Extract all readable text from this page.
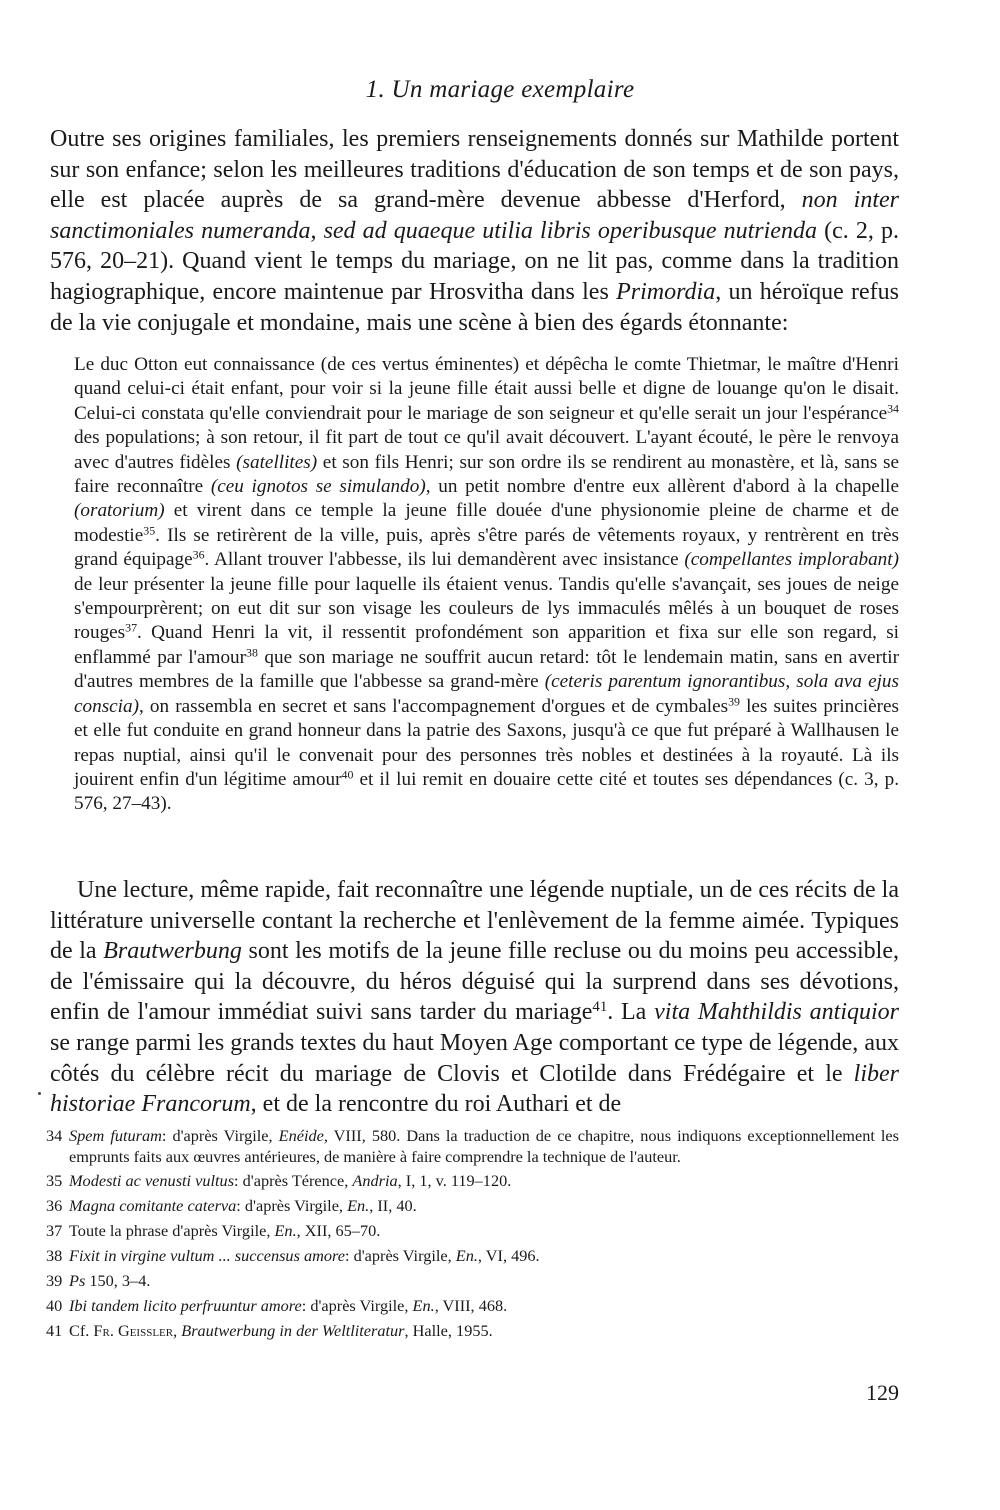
1. Un mariage exemplaire

Outre ses origines familiales, les premiers renseignements donnés sur Mathilde portent sur son enfance; selon les meilleures traditions d'éducation de son temps et de son pays, elle est placée auprès de sa grand-mère devenue abbesse d'Herford, non inter sanctimoniales numeranda, sed ad quaeque utilia libris operibusque nutrienda (c. 2, p. 576, 20–21). Quand vient le temps du mariage, on ne lit pas, comme dans la tradition hagiographique, encore maintenue par Hrosvitha dans les Primordia, un héroïque refus de la vie conjugale et mondaine, mais une scène à bien des égards étonnante:

Le duc Otton eut connaissance (de ces vertus éminentes) et dépêcha le comte Thietmar, le maître d'Henri quand celui-ci était enfant, pour voir si la jeune fille était aussi belle et digne de louange qu'on le disait. Celui-ci constata qu'elle conviendrait pour le mariage de son seigneur et qu'elle serait un jour l'espérance$^{34}$ des populations; à son retour, il fit part de tout ce qu'il avait découvert. L'ayant écouté, le père le renvoya avec d'autres fidèles (satellites) et son fils Henri; sur son ordre ils se rendirent au monastère, et là, sans se faire reconnaître (ceu ignotos se simulando), un petit nombre d'entre eux allèrent d'abord à la chapelle (oratorium) et virent dans ce temple la jeune fille douée d'une physionomie pleine de charme et de modestie$^{35}$. Ils se retirèrent de la ville, puis, après s'être parés de vêtements royaux, y rentrèrent en très grand équipage$^{36}$. Allant trouver l'abbesse, ils lui demandèrent avec insistance (compellantes implorabant) de leur présenter la jeune fille pour laquelle ils étaient venus. Tandis qu'elle s'avançait, ses joues de neige s'empourprèrent; on eut dit sur son visage les couleurs de lys immaculés mêlés à un bouquet de roses rouges$^{37}$. Quand Henri la vit, il ressentit profondément son apparition et fixa sur elle son regard, si enflammé par l'amour$^{38}$ que son mariage ne souffrit aucun retard: tôt le lendemain matin, sans en avertir d'autres membres de la famille que l'abbesse sa grand-mère (ceteris parentum ignorantibus, sola ava ejus conscia), on rassembla en secret et sans l'accompagnement d'orgues et de cymbales$^{39}$ les suites princières et elle fut conduite en grand honneur dans la patrie des Saxons, jusqu'à ce que fut préparé à Wallhausen le repas nuptial, ainsi qu'il le convenait pour des personnes très nobles et destinées à la royauté. Là ils jouirent enfin d'un légitime amour$^{40}$ et il lui remit en douaire cette cité et toutes ses dépendances (c. 3, p. 576, 27–43).

Une lecture, même rapide, fait reconnaître une légende nuptiale, un de ces récits de la littérature universelle contant la recherche et l'enlèvement de la femme aimée. Typiques de la Brautwerbung sont les motifs de la jeune fille recluse ou du moins peu accessible, de l'émissaire qui la découvre, du héros déguisé qui la surprend dans ses dévotions, enfin de l'amour immédiat suivi sans tarder du mariage$^{41}$. La vita Mahthildis antiquior se range parmi les grands textes du haut Moyen Age comportant ce type de légende, aux côtés du célèbre récit du mariage de Clovis et Clotilde dans Frédégaire et le liber historiae Francorum, et de la rencontre du roi Authari et de

34 Spem futuram: d'après Virgile, Enéide, VIII, 580. Dans la traduction de ce chapitre, nous indiquons exceptionnellement les emprunts faits aux œuvres antérieures, de manière à faire comprendre la technique de l'auteur.
35 Modesti ac venusti vultus: d'après Térence, Andria, I, 1, v. 119–120.
36 Magna comitante caterva: d'après Virgile, En., II, 40.
37 Toute la phrase d'après Virgile, En., XII, 65–70.
38 Fixit in virgine vultum ... succensus amore: d'après Virgile, En., VI, 496.
39 Ps 150, 3–4.
40 Ibi tandem licito perfruuntur amore: d'après Virgile, En., VIII, 468.
41 Cf. Fr. Geissler, Brautwerbung in der Weltliteratur, Halle, 1955.
129
